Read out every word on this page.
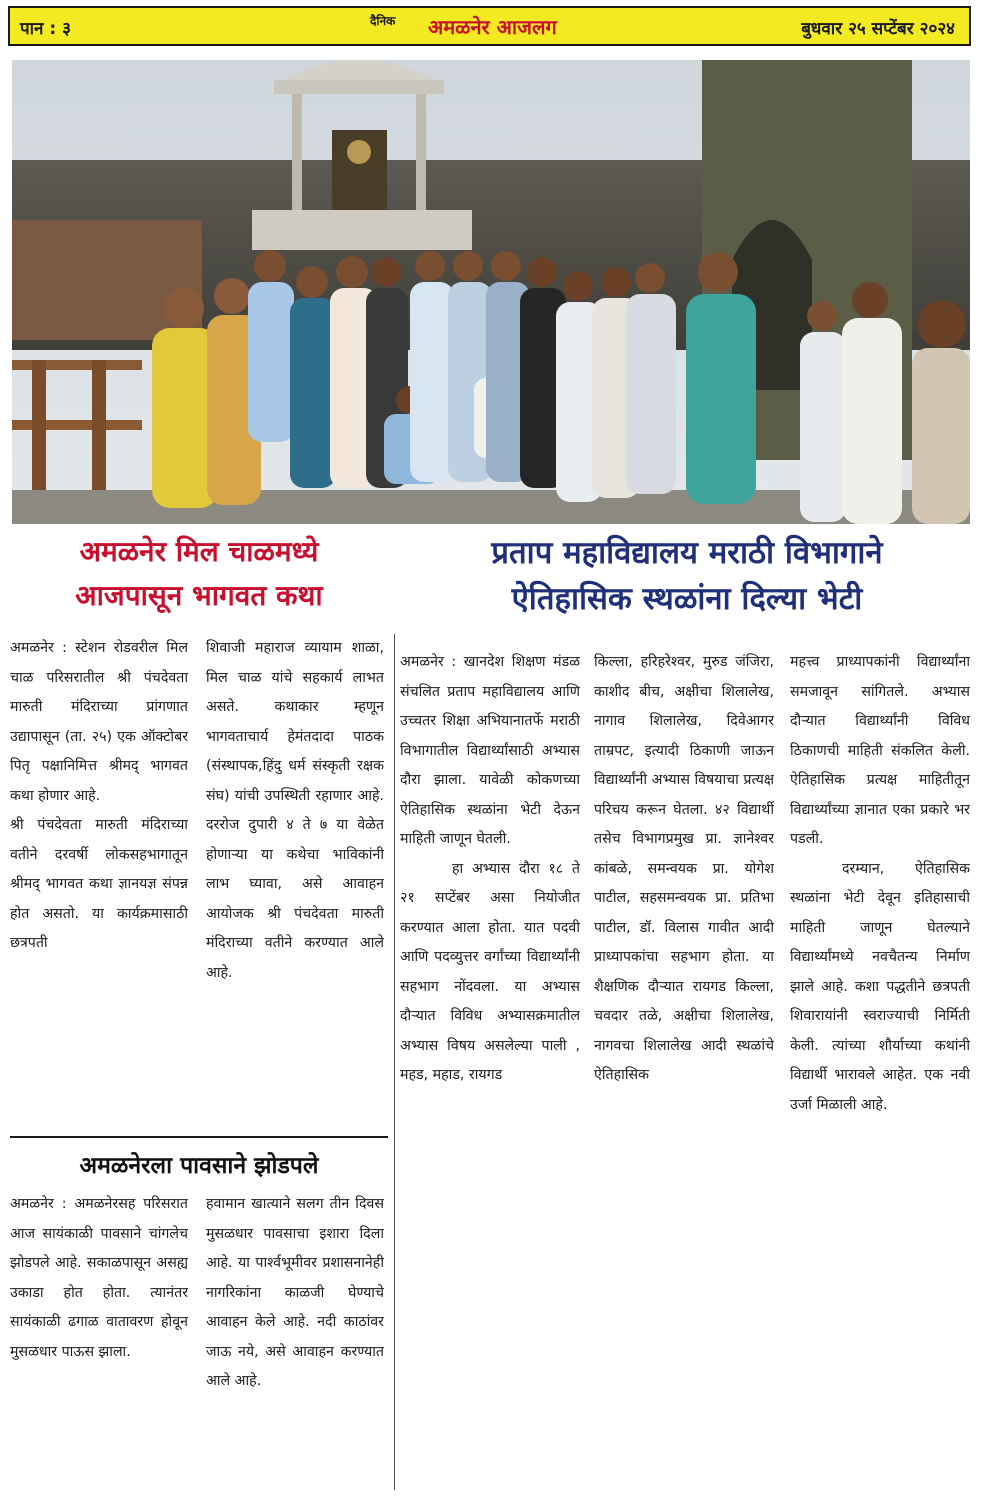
पान : ३	दैनिक अमळनेर आजलग	बुधवार २५ सप्टेंबर २०२४
अमळनेर मिल चाळमध्ये
आजपासून भागवत कथा
प्रताप महाविद्यालय मराठी विभागाने
ऐतिहासिक स्थळांना दिल्या भेटी

अमळनेर : स्टेशन रोडवरील मिल चाळ परिसरातील श्री पंचदेवता मारुती मंदिराच्या प्रांगणात उद्यापासून (ता. २५) एक ऑक्टोबर पितृ पक्षानिमित्त श्रीमद् भागवत कथा होणार आहे.

श्री पंचदेवता मारुती मंदिराच्या वतीने दरवर्षी लोकसहभागातून श्रीमद् भागवत कथा ज्ञानयज्ञ संपन्न होत असतो. या कार्यक्रमासाठी छत्रपती

शिवाजी महाराज व्यायाम शाळा, मिल चाळ यांचे सहकार्य लाभत असते. कथाकार म्हणून भागवताचार्य हेमंतदादा पाठक (संस्थापक,हिंदु धर्म संस्कृती रक्षक संघ) यांची उपस्थिती रहाणार आहे. दररोज दुपारी ४ ते ७ या वेळेत होणाऱ्या या कथेचा भाविकांनी लाभ घ्यावा, असे आवाहन आयोजक श्री पंचदेवता मारुती मंदिराच्या वतीने करण्यात आले आहे.

अमळनेरला पावसाने झोडपले

अमळनेर : अमळनेरसह परिसरात आज सायंकाळी पावसाने चांगलेच झोडपले आहे. सकाळपासून असह्य उकाडा होत होता. त्यानंतर सायंकाळी ढगाळ वातावरण होवून मुसळधार पाऊस झाला.

हवामान खात्याने सलग तीन दिवस मुसळधार पावसाचा इशारा दिला आहे. या पार्श्वभूमीवर प्रशासनानेही नागरिकांना काळजी घेण्याचे आवाहन केले आहे. नदी काठांवर जाऊ नये, असे आवाहन करण्यात आले आहे.

अमळनेर : खानदेश शिक्षण मंडळ संचलित प्रताप महाविद्यालय आणि उच्चतर शिक्षा अभियानातर्फे मराठी विभागातील विद्यार्थ्यांसाठी अभ्यास दौरा झाला. यावेळी कोकणच्या ऐतिहासिक स्थळांना भेटी देऊन माहिती जाणून घेतली.

हा अभ्यास दौरा १८ ते २१ सप्टेंबर असा नियोजीत करण्यात आला होता. यात पदवी आणि पदव्युत्तर वर्गांच्या विद्यार्थ्यांनी सहभाग नोंदवला. या अभ्यास दौऱ्यात विविध अभ्यासक्रमातील अभ्यास विषय असलेल्या पाली , महड, महाड, रायगड

किल्ला, हरिहरेश्वर, मुरुड जंजिरा, काशीद बीच, अक्षीचा शिलालेख, नागाव शिलालेख, दिवेआगर ताम्रपट, इत्यादी ठिकाणी जाऊन विद्यार्थ्यांनी अभ्यास विषयाचा प्रत्यक्ष परिचय करून घेतला. ४२ विद्यार्थी तसेच विभागप्रमुख प्रा. ज्ञानेश्वर कांबळे, समन्वयक प्रा. योगेश पाटील, सहसमन्वयक प्रा. प्रतिभा पाटील, डॉ. विलास गावीत आदी प्राध्यापकांचा सहभाग होता. या शैक्षणिक दौऱ्यात रायगड किल्ला, चवदार तळे, अक्षीचा शिलालेख, नागवचा शिलालेख आदी स्थळांचे ऐतिहासिक

महत्त्व प्राध्यापकांनी विद्यार्थ्यांना समजावून सांगितले. अभ्यास दौऱ्यात विद्यार्थ्यांनी विविध ठिकाणची माहिती संकलित केली. ऐतिहासिक प्रत्यक्ष माहितीतून विद्यार्थ्यांच्या ज्ञानात एका प्रकारे भर पडली.

दरम्यान, ऐतिहासिक स्थळांना भेटी देवून इतिहासाची माहिती जाणून घेतल्याने विद्यार्थ्यांमध्ये नवचैतन्य निर्माण झाले आहे. कशा पद्धतीने छत्रपती शिवारायांनी स्वराज्याची निर्मिती केली. त्यांच्या शौर्याच्या कथांनी विद्यार्थी भारावले आहेत. एक नवी उर्जा मिळाली आहे.
